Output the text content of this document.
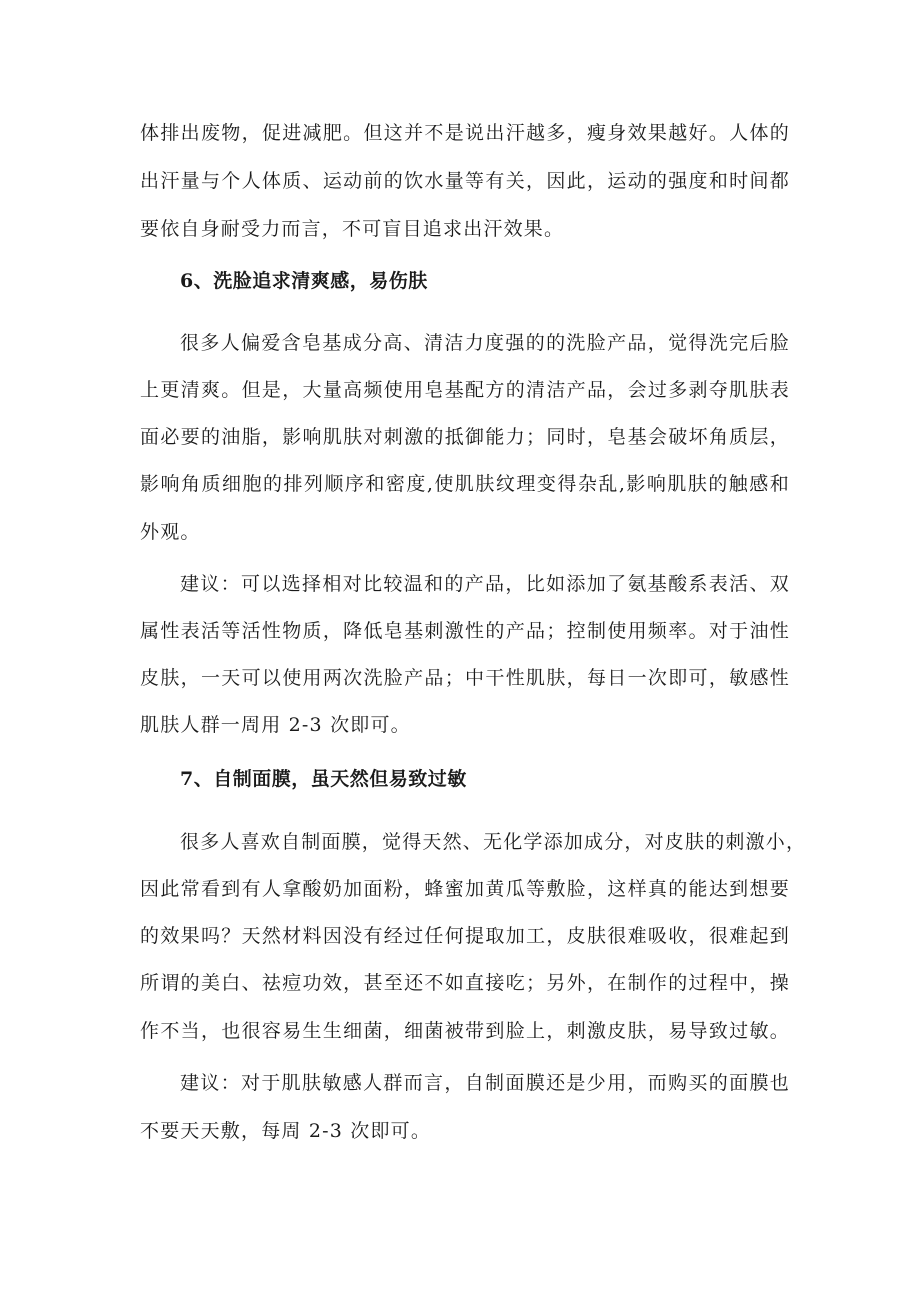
体排出废物，促进减肥。但这并不是说出汗越多，瘦身效果越好。人体的
出汗量与个人体质、运动前的饮水量等有关，因此，运动的强度和时间都
要依自身耐受力而言，不可盲目追求出汗效果。
6、洗脸追求清爽感，易伤肤
很多人偏爱含皂基成分高、清洁力度强的的洗脸产品，觉得洗完后脸
上更清爽。但是，大量高频使用皂基配方的清洁产品，会过多剥夺肌肤表
面必要的油脂，影响肌肤对刺激的抵御能力；同时，皂基会破坏角质层，
影响角质细胞的排列顺序和密度,使肌肤纹理变得杂乱,影响肌肤的触感和
外观。
建议：可以选择相对比较温和的产品，比如添加了氨基酸系表活、双
属性表活等活性物质，降低皂基刺激性的产品；控制使用频率。对于油性
皮肤，一天可以使用两次洗脸产品；中干性肌肤，每日一次即可，敏感性
肌肤人群一周用 2-3 次即可。
7、自制面膜，虽天然但易致过敏
很多人喜欢自制面膜，觉得天然、无化学添加成分，对皮肤的刺激小，
因此常看到有人拿酸奶加面粉，蜂蜜加黄瓜等敷脸，这样真的能达到想要
的效果吗？天然材料因没有经过任何提取加工，皮肤很难吸收，很难起到
所谓的美白、祛痘功效，甚至还不如直接吃；另外，在制作的过程中，操
作不当，也很容易生生细菌，细菌被带到脸上，刺激皮肤，易导致过敏。
建议：对于肌肤敏感人群而言，自制面膜还是少用，而购买的面膜也
不要天天敷，每周 2-3 次即可。
